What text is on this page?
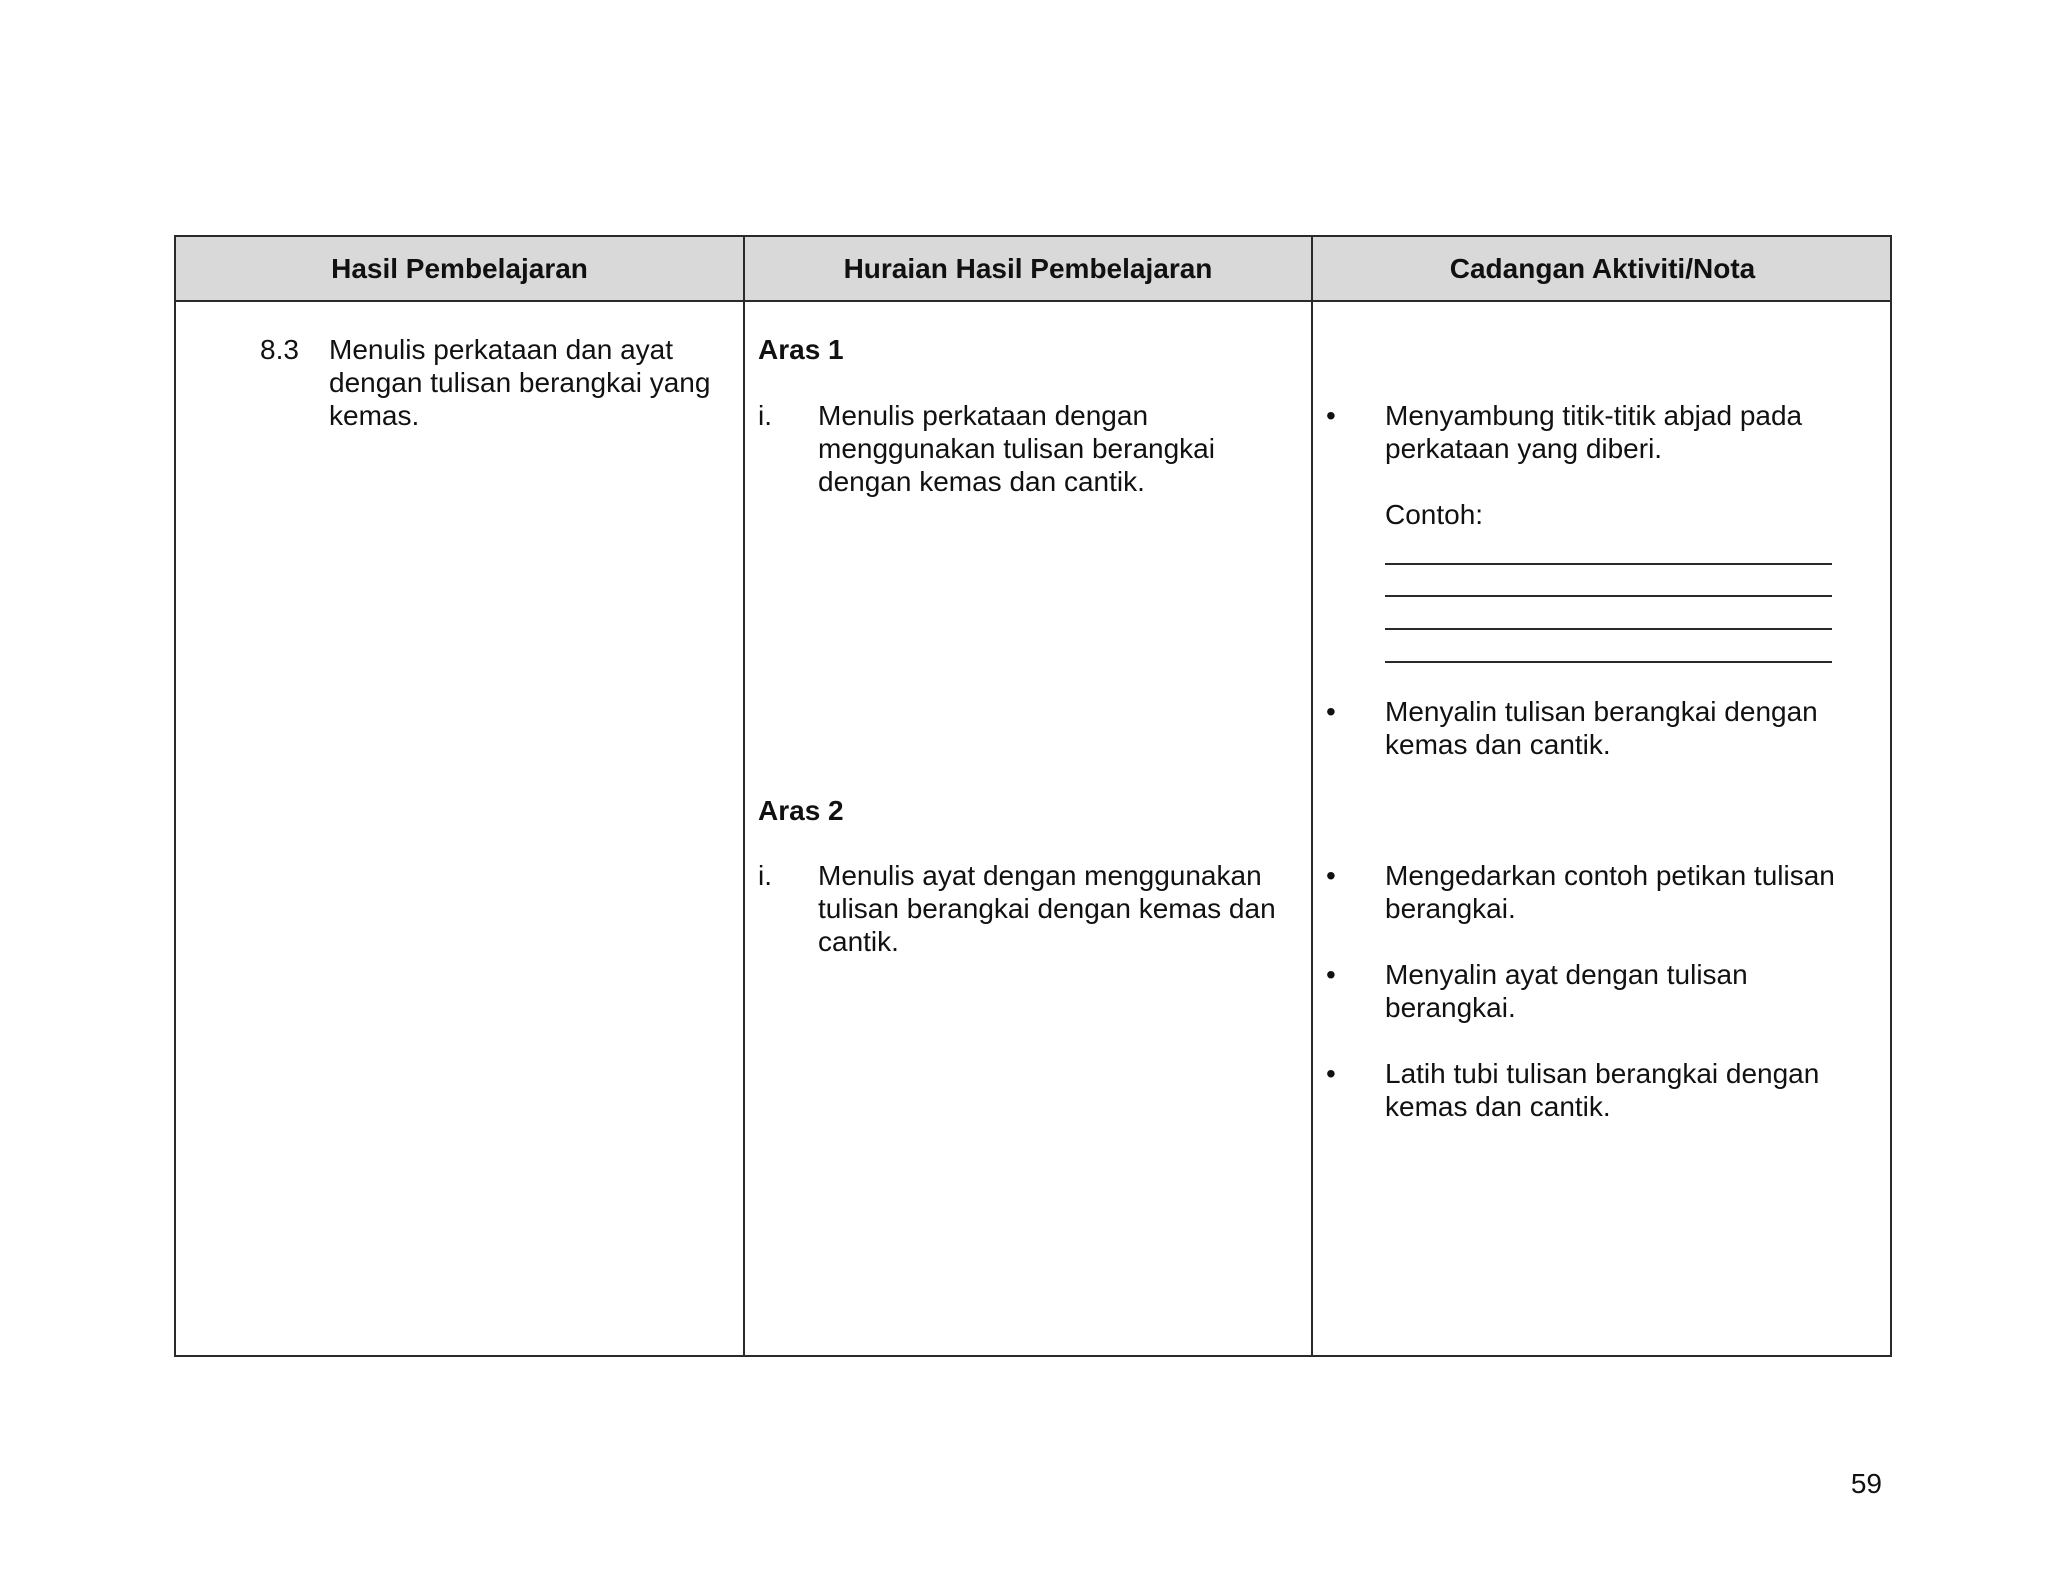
Hasil Pembelajaran	Huraian Hasil Pembelajaran	Cadangan Aktiviti/Nota

8.3 Menulis perkataan dan ayat dengan tulisan berangkai yang kemas.

Aras 1

i. Menulis perkataan dengan menggunakan tulisan berangkai dengan kemas dan cantik.

Aras 2

i. Menulis ayat dengan menggunakan tulisan berangkai dengan kemas dan cantik.

• Menyambung titik-titik abjad pada perkataan yang diberi.

Contoh:

• Menyalin tulisan berangkai dengan kemas dan cantik.

• Mengedarkan contoh petikan tulisan berangkai.

• Menyalin ayat dengan tulisan berangkai.

• Latih tubi tulisan berangkai dengan kemas dan cantik.

59
